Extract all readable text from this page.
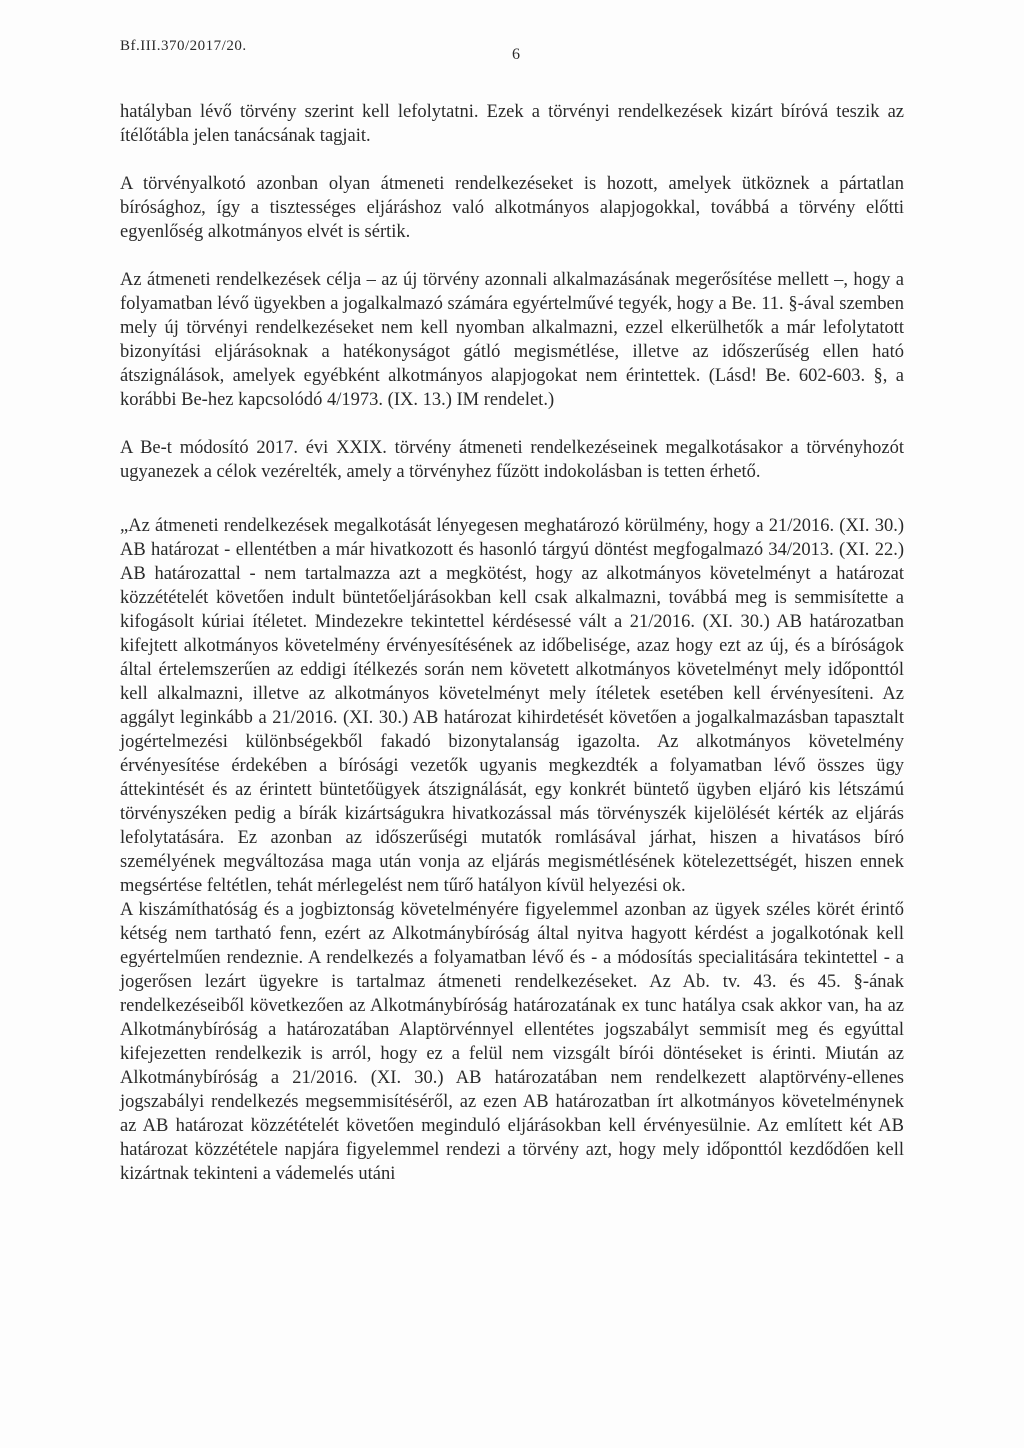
Bf.III.370/2017/20.	6

hatályban lévő törvény szerint kell lefolytatni. Ezek a törvényi rendelkezések kizárt bíróvá teszik az ítélőtábla jelen tanácsának tagjait.

A törvényalkotó azonban olyan átmeneti rendelkezéseket is hozott, amelyek ütköznek a pártatlan bírósághoz, így a tisztességes eljáráshoz való alkotmányos alapjogokkal, továbbá a törvény előtti egyenlőség alkotmányos elvét is sértik.

Az átmeneti rendelkezések célja – az új törvény azonnali alkalmazásának megerősítése mellett –, hogy a folyamatban lévő ügyekben a jogalkalmazó számára egyértelművé tegyék, hogy a Be. 11. §-ával szemben mely új törvényi rendelkezéseket nem kell nyomban alkalmazni, ezzel elkerülhetők a már lefolytatott bizonyítási eljárásoknak a hatékonyságot gátló megismétlése, illetve az időszerűség ellen ható átszignálások, amelyek egyébként alkotmányos alapjogokat nem érintettek. (Lásd! Be. 602-603. §, a korábbi Be-hez kapcsolódó 4/1973. (IX. 13.) IM rendelet.)

A Be-t módosító 2017. évi XXIX. törvény átmeneti rendelkezéseinek megalkotásakor a törvényhozót ugyanezek a célok vezérelték, amely a törvényhez fűzött indokolásban is tetten érhető.

„Az átmeneti rendelkezések megalkotását lényegesen meghatározó körülmény, hogy a 21/2016. (XI. 30.) AB határozat - ellentétben a már hivatkozott és hasonló tárgyú döntést megfogalmazó 34/2013. (XI. 22.) AB határozattal - nem tartalmazza azt a megkötést, hogy az alkotmányos követelményt a határozat közzétételét követően indult büntetőeljárásokban kell csak alkalmazni, továbbá meg is semmisítette a kifogásolt kúriai ítéletet. Mindezekre tekintettel kérdésessé vált a 21/2016. (XI. 30.) AB határozatban kifejtett alkotmányos követelmény érvényesítésének az időbelisége, azaz hogy ezt az új, és a bíróságok által értelemszerűen az eddigi ítélkezés során nem követett alkotmányos követelményt mely időponttól kell alkalmazni, illetve az alkotmányos követelményt mely ítéletek esetében kell érvényesíteni. Az aggályt leginkább a 21/2016. (XI. 30.) AB határozat kihirdetését követően a jogalkalmazásban tapasztalt jogértelmezési különbségekből fakadó bizonytalanság igazolta. Az alkotmányos követelmény érvényesítése érdekében a bírósági vezetők ugyanis megkezdték a folyamatban lévő összes ügy áttekintését és az érintett büntetőügyek átszignálását, egy konkrét büntető ügyben eljáró kis létszámú törvényszéken pedig a bírák kizártságukra hivatkozással más törvényszék kijelölését kérték az eljárás lefolytatására. Ez azonban az időszerűségi mutatók romlásával járhat, hiszen a hivatásos bíró személyének megváltozása maga után vonja az eljárás megismétlésének kötelezettségét, hiszen ennek megsértése feltétlen, tehát mérlegelést nem tűrő hatályon kívül helyezési ok.

A kiszámíthatóság és a jogbiztonság követelményére figyelemmel azonban az ügyek széles körét érintő kétség nem tartható fenn, ezért az Alkotmánybíróság által nyitva hagyott kérdést a jogalkotónak kell egyértelműen rendeznie. A rendelkezés a folyamatban lévő és - a módosítás specialitására tekintettel - a jogerősen lezárt ügyekre is tartalmaz átmeneti rendelkezéseket. Az Ab. tv. 43. és 45. §-ának rendelkezéseiből következően az Alkotmánybíróság határozatának ex tunc hatálya csak akkor van, ha az Alkotmánybíróság a határozatában Alaptörvénnyel ellentétes jogszabályt semmisít meg és egyúttal kifejezetten rendelkezik is arról, hogy ez a felül nem vizsgált bírói döntéseket is érinti. Miután az Alkotmánybíróság a 21/2016. (XI. 30.) AB határozatában nem rendelkezett alaptörvény-ellenes jogszabályi rendelkezés megsemmisítéséről, az ezen AB határozatban írt alkotmányos követelménynek az AB határozat közzétételét követően meginduló eljárásokban kell érvényesülnie. Az említett két AB határozat közzététele napjára figyelemmel rendezi a törvény azt, hogy mely időponttól kezdődően kell kizártnak tekinteni a vádemelés utáni
